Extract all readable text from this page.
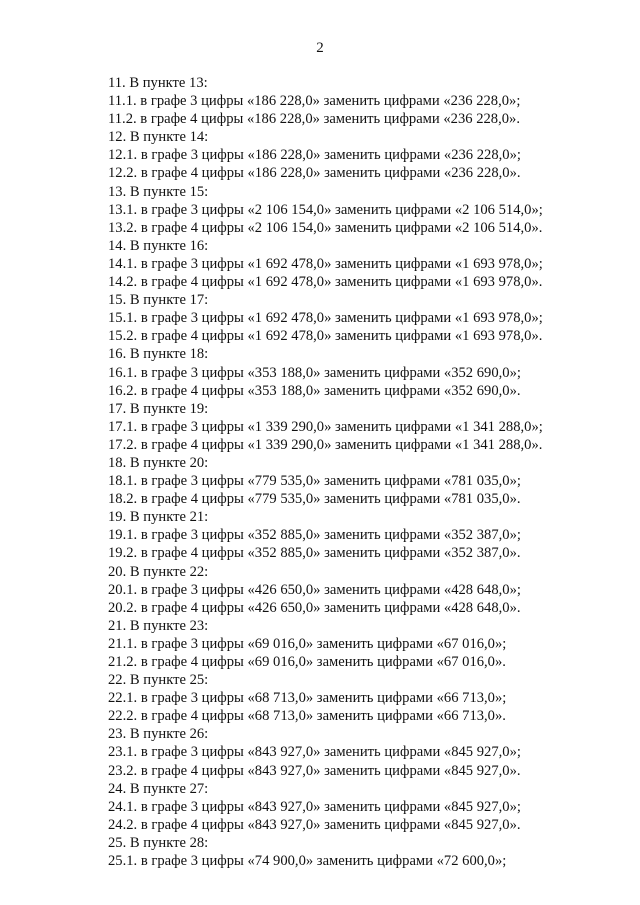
2
11. В пункте 13:
11.1. в графе 3 цифры «186 228,0» заменить цифрами «236 228,0»;
11.2. в графе 4 цифры «186 228,0» заменить цифрами «236 228,0».
12. В пункте 14:
12.1. в графе 3 цифры «186 228,0» заменить цифрами «236 228,0»;
12.2. в графе 4 цифры «186 228,0» заменить цифрами «236 228,0».
13. В пункте 15:
13.1. в графе 3 цифры «2 106 154,0» заменить цифрами «2 106 514,0»;
13.2. в графе 4 цифры «2 106 154,0» заменить цифрами «2 106 514,0».
14. В пункте 16:
14.1. в графе 3 цифры «1 692 478,0» заменить цифрами «1 693 978,0»;
14.2. в графе 4 цифры «1 692 478,0» заменить цифрами «1 693 978,0».
15. В пункте 17:
15.1. в графе 3 цифры «1 692 478,0» заменить цифрами «1 693 978,0»;
15.2. в графе 4 цифры «1 692 478,0» заменить цифрами «1 693 978,0».
16. В пункте 18:
16.1. в графе 3 цифры «353 188,0» заменить цифрами «352 690,0»;
16.2. в графе 4 цифры «353 188,0» заменить цифрами «352 690,0».
17. В пункте 19:
17.1. в графе 3 цифры «1 339 290,0» заменить цифрами «1 341 288,0»;
17.2. в графе 4 цифры «1 339 290,0» заменить цифрами «1 341 288,0».
18. В пункте 20:
18.1. в графе 3 цифры «779 535,0» заменить цифрами «781 035,0»;
18.2. в графе 4 цифры «779 535,0» заменить цифрами «781 035,0».
19. В пункте 21:
19.1. в графе 3 цифры «352 885,0» заменить цифрами «352 387,0»;
19.2. в графе 4 цифры «352 885,0» заменить цифрами «352 387,0».
20. В пункте 22:
20.1. в графе 3 цифры «426 650,0» заменить цифрами «428 648,0»;
20.2. в графе 4 цифры «426 650,0» заменить цифрами «428 648,0».
21. В пункте 23:
21.1. в графе 3 цифры «69 016,0» заменить цифрами «67 016,0»;
21.2. в графе 4 цифры «69 016,0» заменить цифрами «67 016,0».
22. В пункте 25:
22.1. в графе 3 цифры «68 713,0» заменить цифрами «66 713,0»;
22.2. в графе 4 цифры «68 713,0» заменить цифрами «66 713,0».
23. В пункте 26:
23.1. в графе 3 цифры «843 927,0» заменить цифрами «845 927,0»;
23.2. в графе 4 цифры «843 927,0» заменить цифрами «845 927,0».
24. В пункте 27:
24.1. в графе 3 цифры «843 927,0» заменить цифрами «845 927,0»;
24.2. в графе 4 цифры «843 927,0» заменить цифрами «845 927,0».
25. В пункте 28:
25.1. в графе 3 цифры «74 900,0» заменить цифрами «72 600,0»;
